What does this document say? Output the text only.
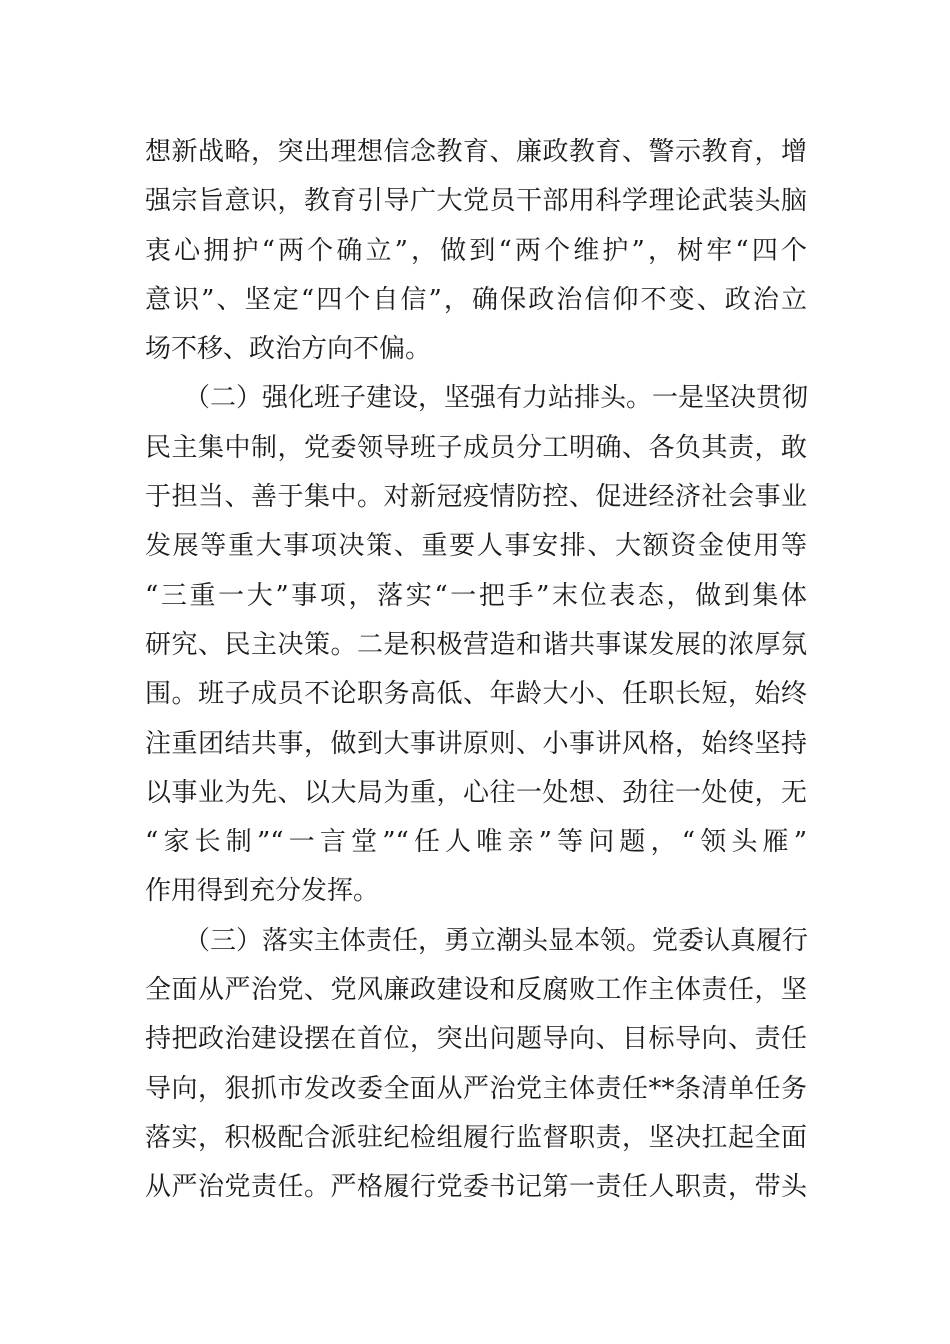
想新战略，突出理想信念教育、廉政教育、警示教育，增
强宗旨意识，教育引导广大党员干部用科学理论武装头脑
衷心拥护“两个确立”，做到“两个维护”，树牢“四个
意识”、坚定“四个自信”，确保政治信仰不变、政治立
场不移、政治方向不偏。
　　（二）强化班子建设，坚强有力站排头。一是坚决贯彻
民主集中制，党委领导班子成员分工明确、各负其责，敢
于担当、善于集中。对新冠疫情防控、促进经济社会事业
发展等重大事项决策、重要人事安排、大额资金使用等
“三重一大”事项，落实“一把手”末位表态，做到集体
研究、民主决策。二是积极营造和谐共事谋发展的浓厚氛
围。班子成员不论职务高低、年龄大小、任职长短，始终
注重团结共事，做到大事讲原则、小事讲风格，始终坚持
以事业为先、以大局为重，心往一处想、劲往一处使，无
“家长制”“一言堂”“任人唯亲”等问题，“领头雁”
作用得到充分发挥。
　　（三）落实主体责任，勇立潮头显本领。党委认真履行
全面从严治党、党风廉政建设和反腐败工作主体责任，坚
持把政治建设摆在首位，突出问题导向、目标导向、责任
导向，狠抓市发改委全面从严治党主体责任**条清单任务
落实，积极配合派驻纪检组履行监督职责，坚决扛起全面
从严治党责任。严格履行党委书记第一责任人职责，带头
